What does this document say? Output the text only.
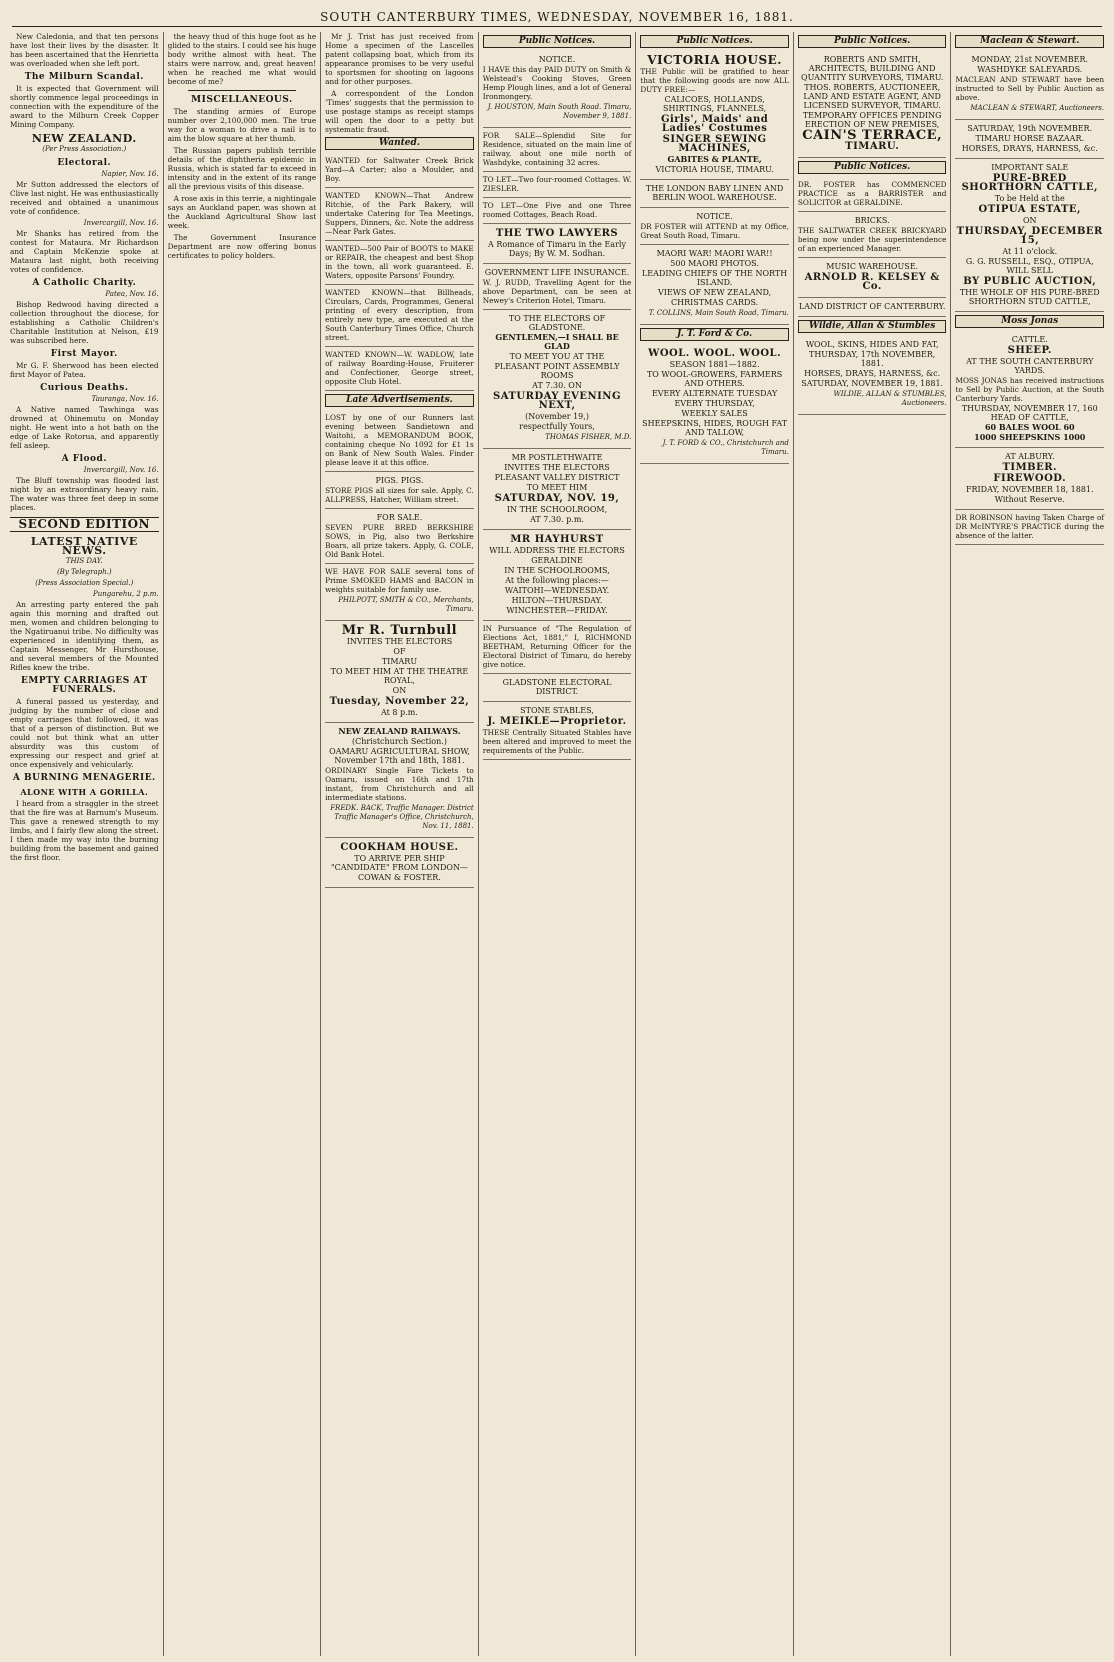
SOUTH CANTERBURY TIMES, WEDNESDAY, NOVEMBER 16, 1881.

New Caledonia, and that ten persons have lost their lives by the disaster. It has been ascertained that the Henrietta was overloaded when she left port.

The Milburn Scandal.

It is expected that Government will shortly commence legal proceedings in connection with the expenditure of the award to the Milburn Creek Copper Mining Company.

NEW ZEALAND.
(Per Press Association.)
Electoral.
Napier, Nov. 16.

Mr Sutton addressed the electors of Clive last night. He was enthusiastically received and obtained a unanimous vote of confidence.

Invercargill, Nov. 16.

Mr Shanks has retired from the contest for Mataura. Mr Richardson and Captain McKenzie spoke at Mataura last night, both receiving votes of confidence.

A Catholic Charity.
Patea, Nov. 16.

Bishop Redwood having directed a collection throughout the diocese, for establishing a Catholic Children's Charitable Institution at Nelson, £19 was subscribed here.

First Mayor.

Mr G. F. Sherwood has been elected first Mayor of Patea.

Curious Deaths.
Tauranga, Nov. 16.

A Native named Tawhinga was drowned at Ohinemutu on Monday night. He went into a hot bath on the edge of Lake Rotorua, and apparently fell asleep.

A Flood.
Invercargill, Nov. 16.

The Bluff township was flooded last night by an extraordinary heavy rain. The water was three feet deep in some places.

SECOND EDITION
LATEST NATIVE NEWS.
THIS DAY.
(By Telegraph.)
(Press Association Special.)
Pungarehu, 2 p.m.

An arresting party entered the pah again this morning and drafted out men, women and children belonging to the Ngatiruanui tribe. No difficulty was experienced in identifying them, as Captain Messenger, Mr Hursthouse, and several members of the Mounted Rifles knew the tribe.

EMPTY CARRIAGES AT FUNERALS.

A funeral passed us yesterday, and judging by the number of close and empty carriages that followed, it was that of a person of distinction. But we could not but think what an utter absurdity was this custom of expressing our respect and grief at once expensively and vehicularly.

A BURNING MENAGERIE.
ALONE WITH A GORILLA.

I heard from a straggler in the street that the fire was at Barnum's Museum. This gave a renewed strength to my limbs, and I fairly flew along the street. I then made my way into the burning building from the basement and gained the first floor.

the heavy thud of this huge foot as he glided to the stairs. I could see his huge body writhe almost with heat. The stairs were narrow, and, great heaven! when he reached me what would become of me?

MISCELLANEOUS.

The standing armies of Europe number over 2,100,000 men. The true way for a woman to drive a nail is to aim the blow square at her thumb.

The Russian papers publish terrible details of the diphtheria epidemic in Russia, which is stated far to exceed in intensity and in the extent of its range all the previous visits of this disease.

A rose axis in this terrie, a nightingale says an Auckland paper, was shown at the Auckland Agricultural Show last week.

The Government Insurance Department are now offering bonus certificates to policy holders.

Mr J. Trist has just received from Home a specimen of the Lascelles patent collapsing boat, which from its appearance promises to be very useful to sportsmen for shooting on lagoons and for other purposes.

A correspondent of the London 'Times' suggests that the permission to use postage stamps as receipt stamps will open the door to a petty but systematic fraud.

Wanted.
WANTED for Saltwater Creek Brick Yard—A Carter; also a Moulder, and Boy.
WANTED KNOWN—That Andrew Ritchie, of the Park Bakery, will undertake Catering for Tea Meetings, Suppers, Dinners, &c. Note the address—Near Park Gates.
WANTED—500 Pair of BOOTS to MAKE or REPAIR, the cheapest and best Shop in the town, all work guaranteed. E. Waters, opposite Parsons' Foundry.
WANTED KNOWN—that Billheads, Circulars, Cards, Programmes, General printing of every description, from entirely new type, are executed at the South Canterbury Times Office, Church street.
WANTED KNOWN—W. WADLOW, late of railway Boarding-House, Fruiterer and Confectioner, George street, opposite Club Hotel.
Late Advertisements.
LOST by one of our Runners last evening between Sandietown and Waitohi, a MEMORANDUM BOOK, containing cheque No 1092 for £1 1s on Bank of New South Wales. Finder please leave it at this office.
PIGS. PIGS.
STORE PIGS all sizes for sale. Apply, C. ALLPRESS, Hatcher, William street.
FOR SALE.
SEVEN PURE BRED BERKSHIRE SOWS, in Pig, also two Berkshire Boars, all prize takers. Apply, G. COLE, Old Bank Hotel.
WE HAVE FOR SALE several tons of Prime SMOKED HAMS and BACON in weights suitable for family use.
PHILPOTT, SMITH & CO., Merchants, Timaru.
Mr R. Turnbull
INVITES THE ELECTORS
OF
TIMARU
TO MEET HIM AT THE THEATRE ROYAL,
ON
Tuesday, November 22,
At 8 p.m.
NEW ZEALAND RAILWAYS.
(Christchurch Section.)
OAMARU AGRICULTURAL SHOW, November 17th and 18th, 1881.
ORDINARY Single Fare Tickets to Oamaru, issued on 16th and 17th instant, from Christchurch and all intermediate stations.
FREDK. BACK, Traffic Manager. District Traffic Manager's Office, Christchurch, Nov. 11, 1881.
COOKHAM HOUSE.
TO ARRIVE PER SHIP "CANDIDATE" FROM LONDON—
COWAN & FOSTER.
Public Notices.
NOTICE.
I HAVE this day PAID DUTY on Smith & Welstead's Cooking Stoves, Green Hemp Plough lines, and a lot of General Ironmongery.
J. HOUSTON, Main South Road. Timaru, November 9, 1881.
FOR SALE—Splendid Site for Residence, situated on the main line of railway, about one mile north of Washdyke, containing 32 acres.
TO LET—Two four-roomed Cottages. W. ZIESLER.
TO LET—One Five and one Three roomed Cottages, Beach Road.
THE TWO LAWYERS
A Romance of Timaru in the Early Days; By W. M. Sodhan.
GOVERNMENT LIFE INSURANCE.
W. J. RUDD, Travelling Agent for the above Department, can be seen at Newey's Criterion Hotel, Timaru.
TO THE ELECTORS OF GLADSTONE.
GENTLEMEN,—I SHALL BE GLAD
TO MEET YOU AT THE
PLEASANT POINT ASSEMBLY ROOMS
AT 7.30. ON
SATURDAY EVENING NEXT,
(November 19,)
respectfully Yours,
THOMAS FISHER, M.D.
MR POSTLETHWAITE
INVITES THE ELECTORS
PLEASANT VALLEY DISTRICT
TO MEET HIM
SATURDAY, NOV. 19,
IN THE SCHOOLROOM,
AT 7.30. p.m.
MR HAYHURST
WILL ADDRESS THE ELECTORS
GERALDINE
IN THE SCHOOLROOMS,
At the following places:—
WAITOHI—WEDNESDAY.
HILTON—THURSDAY.
WINCHESTER—FRIDAY.
IN Pursuance of "The Regulation of Elections Act, 1881," I, RICHMOND BEETHAM, Returning Officer for the Electoral District of Timaru, do hereby give notice.
GLADSTONE ELECTORAL DISTRICT.
STONE STABLES,
J. MEIKLE—Proprietor.
THESE Centrally Situated Stables have been altered and improved to meet the requirements of the Public.
Public Notices.
VICTORIA HOUSE.
THE Public will be gratified to hear that the following goods are now ALL DUTY FREE:—
CALICOES, HOLLANDS, SHIRTINGS, FLANNELS,
Girls', Maids' and Ladies' Costumes
SINGER SEWING MACHINES,
GABITES & PLANTE,
VICTORIA HOUSE, TIMARU.
THE LONDON BABY LINEN AND BERLIN WOOL WAREHOUSE.
NOTICE.
DR FOSTER will ATTEND at my Office, Great South Road, Timaru.
MAORI WAR! MAORI WAR!!
500 MAORI PHOTOS.
LEADING CHIEFS OF THE NORTH ISLAND.
VIEWS OF NEW ZEALAND,
CHRISTMAS CARDS.
T. COLLINS, Main South Road, Timaru.
J. T. Ford & Co.
WOOL. WOOL. WOOL.
SEASON 1881—1882.
TO WOOL-GROWERS, FARMERS AND OTHERS.
EVERY ALTERNATE TUESDAY
EVERY THURSDAY,
WEEKLY SALES
SHEEPSKINS, HIDES, ROUGH FAT AND TALLOW,
J. T. FORD & CO., Christchurch and Timaru.
Public Notices.
ROBERTS AND SMITH, ARCHITECTS, BUILDING AND QUANTITY SURVEYORS, TIMARU.
THOS. ROBERTS, AUCTIONEER, LAND AND ESTATE AGENT, AND LICENSED SURVEYOR, TIMARU.
TEMPORARY OFFICES PENDING ERECTION OF NEW PREMISES,
CAIN'S TERRACE,
TIMARU.
Public Notices.
DR. FOSTER has COMMENCED PRACTICE as a BARRISTER and SOLICITOR at GERALDINE.
BRICKS.
THE SALTWATER CREEK BRICKYARD being now under the superintendence of an experienced Manager.
MUSIC WAREHOUSE.
ARNOLD R. KELSEY & Co.
LAND DISTRICT OF CANTERBURY.
Wildie, Allan & Stumbles
WOOL, SKINS, HIDES AND FAT,
THURSDAY, 17th NOVEMBER, 1881.
HORSES, DRAYS, HARNESS, &c.
SATURDAY, NOVEMBER 19, 1881.
WILDIE, ALLAN & STUMBLES, Auctioneers.
Maclean & Stewart.
MONDAY, 21st NOVEMBER.
WASHDYKE SALEYARDS.
MACLEAN AND STEWART have been instructed to Sell by Public Auction as above.
MACLEAN & STEWART, Auctioneers.
SATURDAY, 19th NOVEMBER.
TIMARU HORSE BAZAAR.
HORSES, DRAYS, HARNESS, &c.
IMPORTANT SALE
PURE-BRED SHORTHORN CATTLE,
To be Held at the
OTIPUA ESTATE,
ON
THURSDAY, DECEMBER 15,
At 11 o'clock.
G. G. RUSSELL, ESQ., OTIPUA, WILL SELL
BY PUBLIC AUCTION,
THE WHOLE OF HIS PURE-BRED SHORTHORN STUD CATTLE,
Moss Jonas
CATTLE.
SHEEP.
AT THE SOUTH CANTERBURY YARDS.
MOSS JONAS has received instructions to Sell by Public Auction, at the South Canterbury Yards.
THURSDAY, NOVEMBER 17, 160 HEAD OF CATTLE,
60 BALES WOOL 60
1000 SHEEPSKINS 1000
AT ALBURY.
TIMBER.
FIREWOOD.
FRIDAY, NOVEMBER 18, 1881.
Without Reserve.
DR ROBINSON having Taken Charge of DR McINTYRE'S PRACTICE during the absence of the latter.
